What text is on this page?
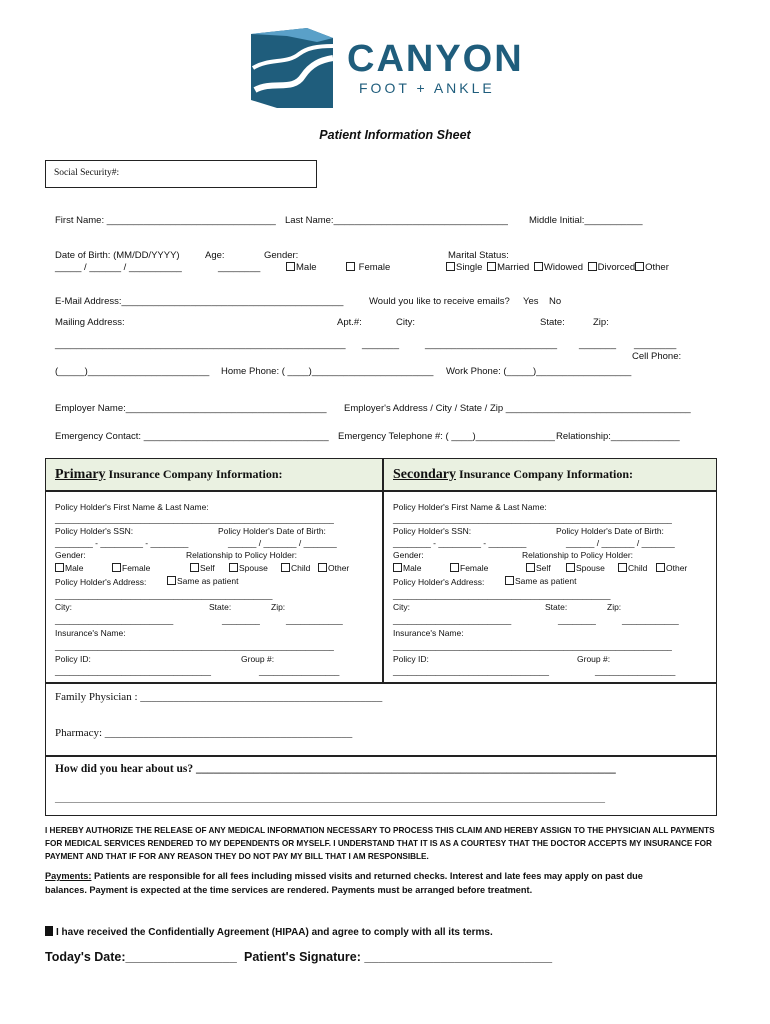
CANYON
FOOT + ANKLE
Patient Information Sheet
Social Security#:
First Name: ________________________________ Last Name:_________________________________ Middle Initial:___________
Date of Birth: (MM/DD/YYYY)
_____ / ______ / __________
Age:
________
Gender:
Male	Female
Marital Status:
Single Married Widowed Divorced Other
E-Mail Address:__________________________________________	Would you like to receive emails? Yes No
Mailing Address:	Apt.#:	City:	State:	Zip:
_______________________________________________________ _______	_________________________ _______ ________
Cell Phone:
(_____)_______________________ Home Phone: ( ____)_______________________ Work Phone: (_____)__________________
Employer Name:______________________________________ Employer's Address / City / State / Zip ___________________________________
Emergency Contact: ___________________________________ Emergency Telephone #: ( ____)_______________ Relationship:_____________
Primary Insurance Company Information:	Secondary Insurance Company Information:
Policy Holder's First Name & Last Name:
___________________________________________________________
Policy Holder's SSN:	Policy Holder's Date of Birth:
________ - _________ - ________	______ / _______ / _______
Gender:	Relationship to Policy Holder:
Male	Female	Self	Spouse	Child	Other
Policy Holder's Address:	Same as patient
______________________________________________
City:	State:	Zip:
_________________________	________	____________
Insurance's Name:
___________________________________________________________
Policy ID:	Group #:
_________________________________	_________________
Policy Holder's First Name & Last Name:
___________________________________________________________
Policy Holder's SSN:	Policy Holder's Date of Birth:
________ - _________ - ________	______ / _______ / _______
Gender:	Relationship to Policy Holder:
Male	Female	Self	Spouse	Child	Other
Policy Holder's Address:	Same as patient
______________________________________________
City:	State:	Zip:
_________________________	________	____________
Insurance's Name:
___________________________________________________________
Policy ID:	Group #:
_________________________________	_________________
Family Physician : ____________________________________________
Pharmacy: _____________________________________________
How did you hear about us? _________________________________________________________________________
____________________________________________________________________________________________________
I HEREBY AUTHORIZE THE RELEASE OF ANY MEDICAL INFORMATION NECESSARY TO PROCESS THIS CLAIM AND HEREBY ASSIGN TO THE PHYSICIAN ALL PAYMENTS
FOR MEDICAL SERVICES RENDERED TO MY DEPENDENTS OR MYSELF. I UNDERSTAND THAT IT IS AS A COURTESY THAT THE DOCTOR ACCEPTS MY INSURANCE FOR
PAYMENT AND THAT IF FOR ANY REASON THEY DO NOT PAY MY BILL THAT I AM RESPONSIBLE.
Payments: Patients are responsible for all fees including missed visits and returned checks. Interest and late fees may apply on past due
balances. Payment is expected at the time services are rendered. Payments must be arranged before treatment.
I have received the Confidentially Agreement (HIPAA) and agree to comply with all its terms.
Today's Date:________________ Patient's Signature: ___________________________
